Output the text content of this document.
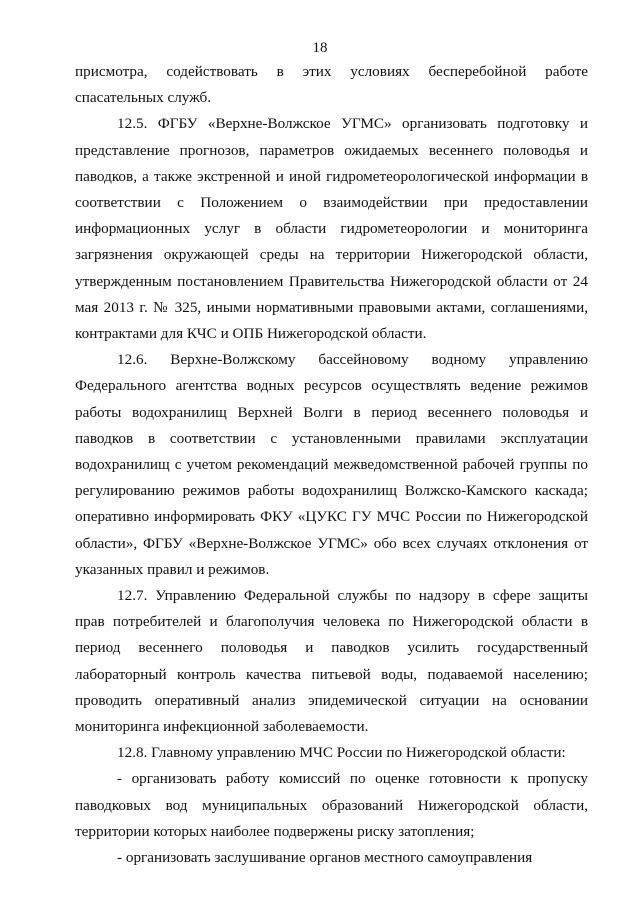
18

присмотра, содействовать в этих условиях бесперебойной работе спасательных служб.

12.5. ФГБУ «Верхне-Волжское УГМС» организовать подготовку и представление прогнозов, параметров ожидаемых весеннего половодья и паводков, а также экстренной и иной гидрометеорологической информации в соответствии с Положением о взаимодействии при предоставлении информационных услуг в области гидрометеорологии и мониторинга загрязнения окружающей среды на территории Нижегородской области, утвержденным постановлением Правительства Нижегородской области от 24 мая 2013 г. № 325, иными нормативными правовыми актами, соглашениями, контрактами для КЧС и ОПБ Нижегородской области.

12.6. Верхне-Волжскому бассейновому водному управлению Федерального агентства водных ресурсов осуществлять ведение режимов работы водохранилищ Верхней Волги в период весеннего половодья и паводков в соответствии с установленными правилами эксплуатации водохранилищ с учетом рекомендаций межведомственной рабочей группы по регулированию режимов работы водохранилищ Волжско-Камского каскада; оперативно информировать ФКУ «ЦУКС ГУ МЧС России по Нижегородской области», ФГБУ «Верхне-Волжское УГМС» обо всех случаях отклонения от указанных правил и режимов.

12.7. Управлению Федеральной службы по надзору в сфере защиты прав потребителей и благополучия человека по Нижегородской области в период весеннего половодья и паводков усилить государственный лабораторный контроль качества питьевой воды, подаваемой населению; проводить оперативный анализ эпидемической ситуации на основании мониторинга инфекционной заболеваемости.

12.8. Главному управлению МЧС России по Нижегородской области:

- организовать работу комиссий по оценке готовности к пропуску паводковых вод муниципальных образований Нижегородской области, территории которых наиболее подвержены риску затопления;

- организовать заслушивание органов местного самоуправления
